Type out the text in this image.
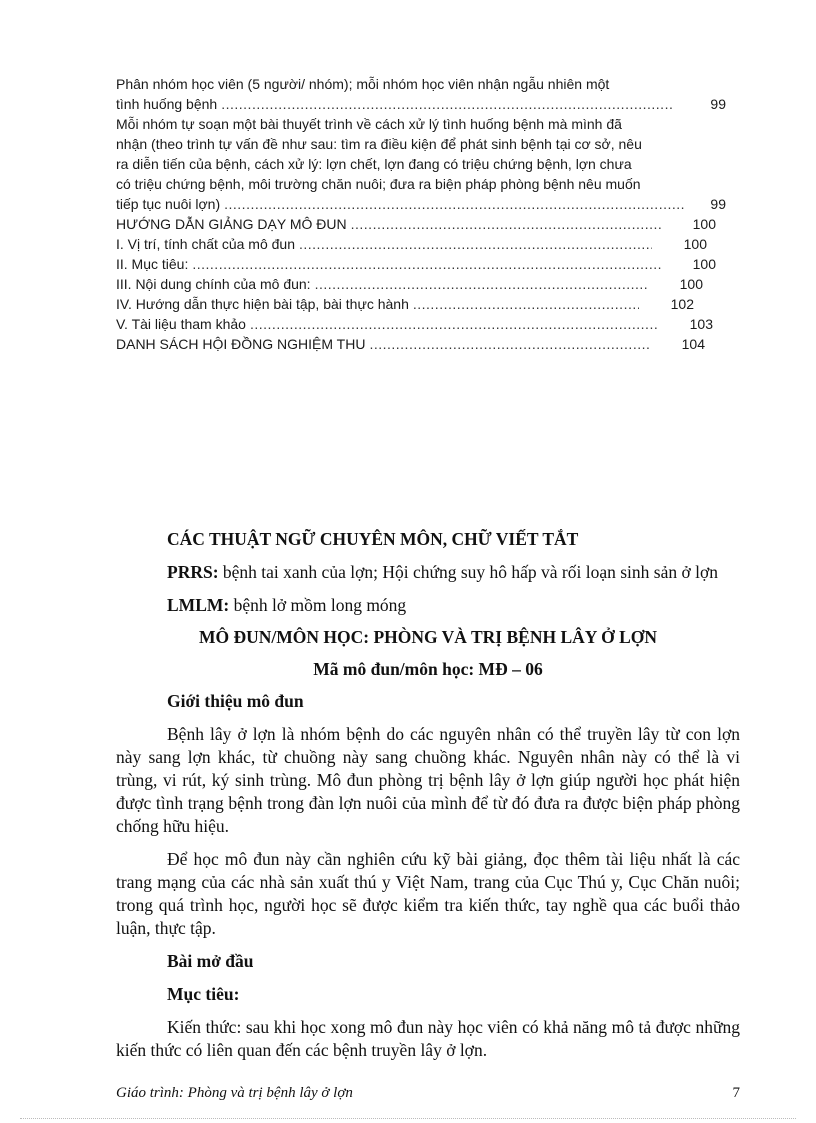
Phân nhóm học viên (5 người/ nhóm); mỗi nhóm học viên nhận ngẫu nhiên một
tình huống bệnh .....	99
Mỗi nhóm tự soạn một bài thuyết trình về cách xử lý tình huống bệnh mà mình đã
nhận (theo trình tự vấn đề như sau: tìm ra điều kiện để phát sinh bệnh tại cơ sở, nêu
ra diễn tiến của bệnh, cách xử lý: lợn chết, lợn đang có triệu chứng bệnh, lợn chưa
có triệu chứng bệnh, môi trường chăn nuôi; đưa ra biện pháp phòng bệnh nêu muốn
tiếp tục nuôi lợn) .....	99
HƯỚNG DẪN GIẢNG DẠY MÔ ĐUN .....	100
I. Vị trí, tính chất của mô đun .....	100
II. Mục tiêu: .....	100
III. Nội dung chính của mô đun: .....	100
IV. Hướng dẫn thực hiện bài tập, bài thực hành .....	102
V. Tài liệu tham khảo .....	103
DANH SÁCH HỘI ĐỒNG NGHIỆM THU .....	104

CÁC THUẬT NGỮ CHUYÊN MÔN, CHỮ VIẾT TẮT

PRRS: bệnh tai xanh của lợn; Hội chứng suy hô hấp và rối loạn sinh sản ở lợn

LMLM: bệnh lở mồm long móng

MÔ ĐUN/MÔN HỌC: PHÒNG VÀ TRỊ BỆNH LÂY Ở LỢN

Mã mô đun/môn học: MĐ – 06

Giới thiệu mô đun

Bệnh lây ở lợn là nhóm bệnh do các nguyên nhân có thể truyền lây từ con lợn này sang lợn khác, từ chuồng này sang chuồng khác. Nguyên nhân này có thể là vi trùng, vi rút, ký sinh trùng. Mô đun phòng trị bệnh lây ở lợn giúp người học phát hiện được tình trạng bệnh trong đàn lợn nuôi của mình để từ đó đưa ra được biện pháp phòng chống hữu hiệu.

Để học mô đun này cần nghiên cứu kỹ bài giảng, đọc thêm tài liệu nhất là các trang mạng của các nhà sản xuất thú y Việt Nam, trang của Cục Thú y, Cục Chăn nuôi; trong quá trình học, người học sẽ được kiểm tra kiến thức, tay nghề qua các buổi thảo luận, thực tập.

Bài mở đầu

Mục tiêu:

Kiến thức: sau khi học xong mô đun này học viên có khả năng mô tả được những kiến thức có liên quan đến các bệnh truyền lây ở lợn.

Giáo trình: Phòng và trị bệnh lây ở lợn	7
